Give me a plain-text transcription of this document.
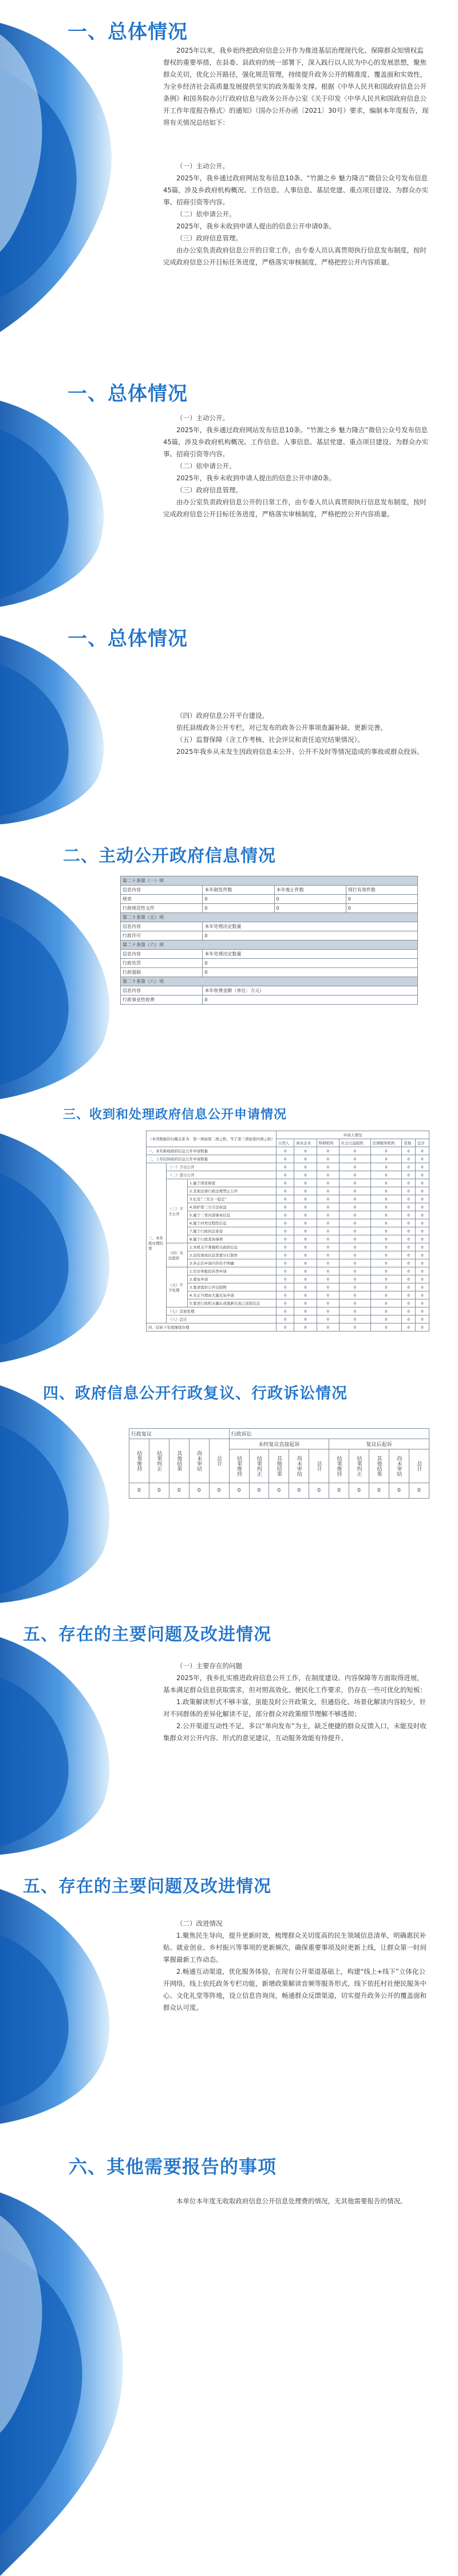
一、总体情况

2025年以来，我乡始终把政府信息公开作为推进基层治理现代化、保障群众知情权监督权的重要举措，在县委、县政府的统一部署下，深入践行以人民为中心的发展思想，聚焦群众关切，优化公开路径，强化规范管理，持续提升政务公开的精准度、覆盖面和实效性，为全乡经济社会高质量发展提供坚实的政务服务支撑。根据《中华人民共和国政府信息公开条例》和国务院办公厅政府信息与政务公开办公室《关于印发〈中华人民共和国政府信息公开工作年度报告格式〉的通知》（国办公开办函〔2021〕30号）要求，编制本年度报告，现将有关情况总结如下：

（一）主动公开。

2025年，我乡通过政府网站发布信息10条。“竹源之乡 魅力隆吉”微信公众号发布信息45篇，涉及乡政府机构概况、工作信息、人事信息、基层党建、重点项目建设、为群众办实事、招商引资等内容。

（二）依申请公开。

2025年，我乡未收到申请人提出的信息公开申请0条。

（三）政府信息管理。

由办公室负责政府信息公开的日常工作，由专委人员认真贯彻执行信息发布制度，按时完成政府信息公开目标任务进度，严格落实审核制度，严格把控公开内容质量。

一、总体情况

（一）主动公开。

2025年，我乡通过政府网站发布信息10条。“竹源之乡 魅力隆吉”微信公众号发布信息45篇，涉及乡政府机构概况、工作信息、人事信息、基层党建、重点项目建设、为群众办实事、招商引资等内容。

（二）依申请公开。

2025年，我乡未收到申请人提出的信息公开申请0条。

（三）政府信息管理。

由办公室负责政府信息公开的日常工作，由专委人员认真贯彻执行信息发布制度，按时完成政府信息公开目标任务进度，严格落实审核制度，严格把控公开内容质量。

一、总体情况

（四）政府信息公开平台建设。

依托县级政务公开专栏，对已发布的政务公开事项查漏补缺、更新完善。

（五）监督保障（含工作考核、社会评议和责任追究结果情况）。

2025年我乡从未发生因政府信息未公开、公开不及时等情况造成的事故或群众投诉。

二、主动公开政府信息情况
第二十条第（一）项			
信息内容	本年制发件数	本年废止件数	现行有效件数
规章	0	0	0
行政规范性文件	0	0	0
第二十条第（五）项			
信息内容	本年处理决定数量		
行政许可	0		
第二十条第（六）项			
信息内容	本年处理决定数量		
行政处罚	0		
行政强制	0		
第二十条第（八）项			
信息内容	本年收费金额（单位：万元）		
行政事业性收费	0		
三、收到和处理政府信息公开申请情况
（本列数据的勾稽关系为：第一项加第二项之和，等于第三项加第四项之和）			申请人情况						
			自然人	商业企业	科研机构	社会公益组织	法律服务机构	其他	总计
一、本年新收政府信息公开申请数量			0	0	0	0	0	0	0
二、上年结转政府信息公开申请数量			0	0	0	0	0	0	0
三、本年度办理结果	（一）予以公开		0	0	0	0	0	0	0
	（二）部分公开		0	0	0	0	0	0	0
	（三）不予公开	1.属于国家秘密	0	0	0	0	0	0	0
		2.其他法律行政法规禁止公开	0	0	0	0	0	0	0
		3.危及“三安全一稳定”	0	0	0	0	0	0	0
		4.保护第三方合法权益	0	0	0	0	0	0	0
		5.属于三类内部事务信息	0	0	0	0	0	0	0
		6.属于四类过程性信息	0	0	0	0	0	0	0
		7.属于行政执法案卷	0	0	0	0	0	0	0
		8.属于行政查询事项	0	0	0	0	0	0	0
	（四）无法提供	1.本机关不掌握相关政府信息	0	0	0	0	0	0	0
		2.没有现成信息需要另行制作	0	0	0	0	0	0	0
		3.补正后申请内容仍不明确	0	0	0	0	0	0	0
	（五）不予处理	1.信访举报投诉类申请	0	0	0	0	0	0	0
		2.重复申请	0	0	0	0	0	0	0
		3.要求提供公开出版物	0	0	0	0	0	0	0
		4.无正当理由大量反复申请	0	0	0	0	0	0	0
		5.要求行政机关确认或重新出具已获取信息	0	0	0	0	0	0	0
	（七）其他处理		0	0	0	0	0	0	0
	（八）总计		0	0	0	0	0	0	0
四、结转下年度继续办理			0	0	0	0	0	0	0
四、政府信息公开行政复议、行政诉讼情况
行政复议					行政诉讼									
结果维持	结果纠正	其他结果	尚未审结	总计	未经复议直接起诉					复议后起诉				
					结果维持	结果纠正	其他结果	尚未审结	总计	结果维持	结果纠正	其他结果	尚未审结	总计
0	0	0	0	0	0	0	0	0	0	0	0	0	0	0
五、存在的主要问题及改进情况

（一）主要存在的问题

2025年，我乡扎实推进政府信息公开工作，在制度建设、内容保障等方面取得进展，基本满足群众信息获取需求，但对照高效化、便民化工作要求，仍存在一些可优化的短板：

1.政策解读形式不够丰富，虽能及时公开政策文，但通俗化、场景化解读内容较少，针对不同群体的差异化解读不足，部分群众对政策细节理解不够透彻；

2.公开渠道互动性不足，多以“单向发布”为主，缺乏便捷的群众反馈入口，未能及时收集群众对公开内容、形式的意见建议，互动服务效能有待提升。

五、存在的主要问题及改进情况

（二）改进情况

1.聚焦民生导向，提升更新时效，梳理群众关切度高的民生领域信息清单，明确惠民补贴、就业创业、乡村振兴等事项的更新频次，确保重要事项及时更新上线，让群众第一时间掌握最新工作动态。

2.畅通互动渠道，优化服务体验，在现有公开渠道基础上，构建“线上+线下”立体化公开网络，线上依托政务专栏功能，新增政策解读音频等服务形式，线下依托村社便民服务中心、文化礼堂等阵地，设立信息咨询岗，畅通群众反馈渠道，切实提升政务公开的覆盖面和群众认可度。

六、其他需要报告的事项

本单位本年度无收取政府信息公开信息处理费的情况，无其他需要报告的情况。
